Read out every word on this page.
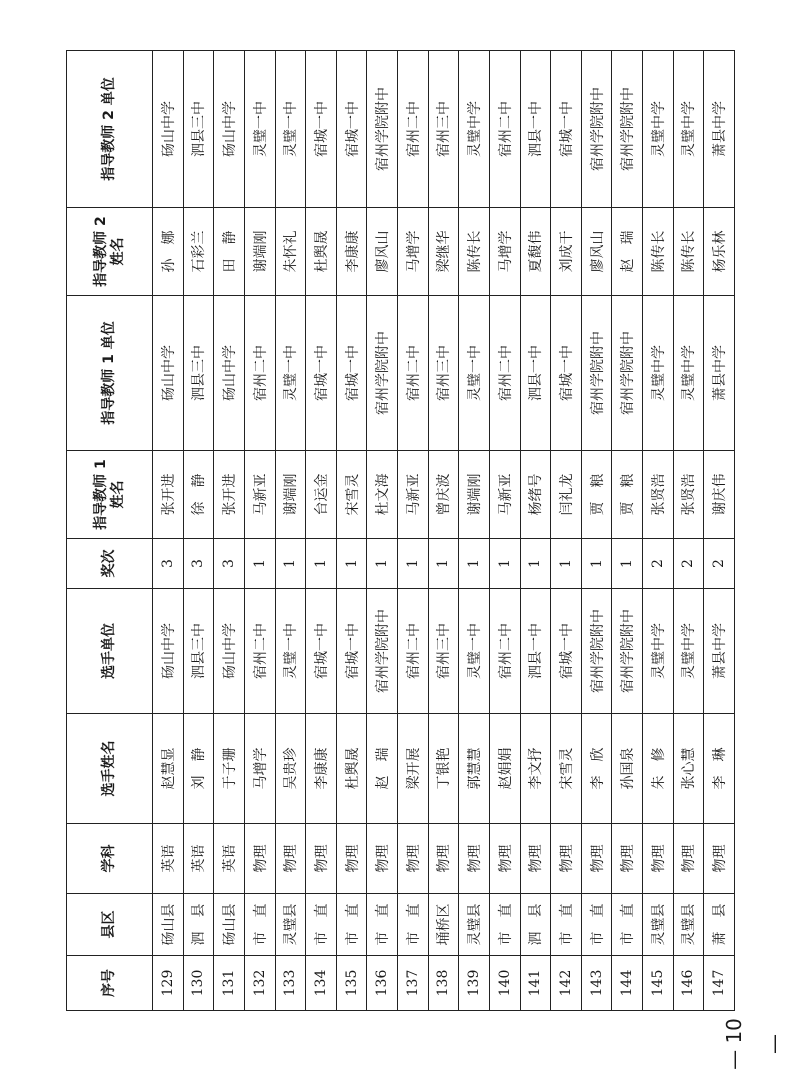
序号	县区	学科	选手姓名	选手单位	奖次	指导教师 1 姓名	指导教师 1 单位	指导教师 2 姓名	指导教师 2 单位
129	砀山县	英语	赵慧显	砀山中学	3	张开进	砀山中学	孙　娜	砀山中学
130	泗　县	英语	刘　静	泗县三中	3	徐　静	泗县三中	石彩兰	泗县三中
131	砀山县	英语	于子珊	砀山中学	3	张开进	砀山中学	田　静	砀山中学
132	市　直	物理	马增学	宿州二中	1	马新亚	宿州二中	谢端刚	灵璧一中
133	灵璧县	物理	吴贵珍	灵璧一中	1	谢端刚	灵璧一中	朱怀礼	灵璧一中
134	市　直	物理	李康康	宿城一中	1	台运金	宿城一中	杜舆晟	宿城一中
135	市　直	物理	杜舆晟	宿城一中	1	宋雪灵	宿城一中	李康康	宿城一中
136	市　直	物理	赵　瑞	宿州学院附中	1	杜文海	宿州学院附中	廖风山	宿州学院附中
137	市　直	物理	梁开展	宿州二中	1	马新亚	宿州二中	马增学	宿州二中
138	埇桥区	物理	丁银艳	宿州三中	1	曾庆波	宿州三中	梁继华	宿州三中
139	灵璧县	物理	郭慧慧	灵璧一中	1	谢端刚	灵璧一中	陈传长	灵璧中学
140	市　直	物理	赵娟娟	宿州二中	1	马新亚	宿州二中	马增学	宿州二中
141	泗　县	物理	李文抒	泗县一中	1	杨绪号	泗县一中	夏馥伟	泗县一中
142	市　直	物理	宋雪灵	宿城一中	1	闫礼龙	宿城一中	刘成干	宿城一中
143	市　直	物理	李　欣	宿州学院附中	1	贾　粮	宿州学院附中	廖风山	宿州学院附中
144	市　直	物理	孙国泉	宿州学院附中	1	贾　粮	宿州学院附中	赵　瑞	宿州学院附中
145	灵璧县	物理	朱　修	灵璧中学	2	张贤浩	灵璧中学	陈传长	灵璧中学
146	灵璧县	物理	张心慧	灵璧中学	2	张贤浩	灵璧中学	陈传长	灵璧中学
147	萧　县	物理	李　琳	萧县中学	2	谢庆伟	萧县中学	杨乐林	萧县中学
— 10 —
